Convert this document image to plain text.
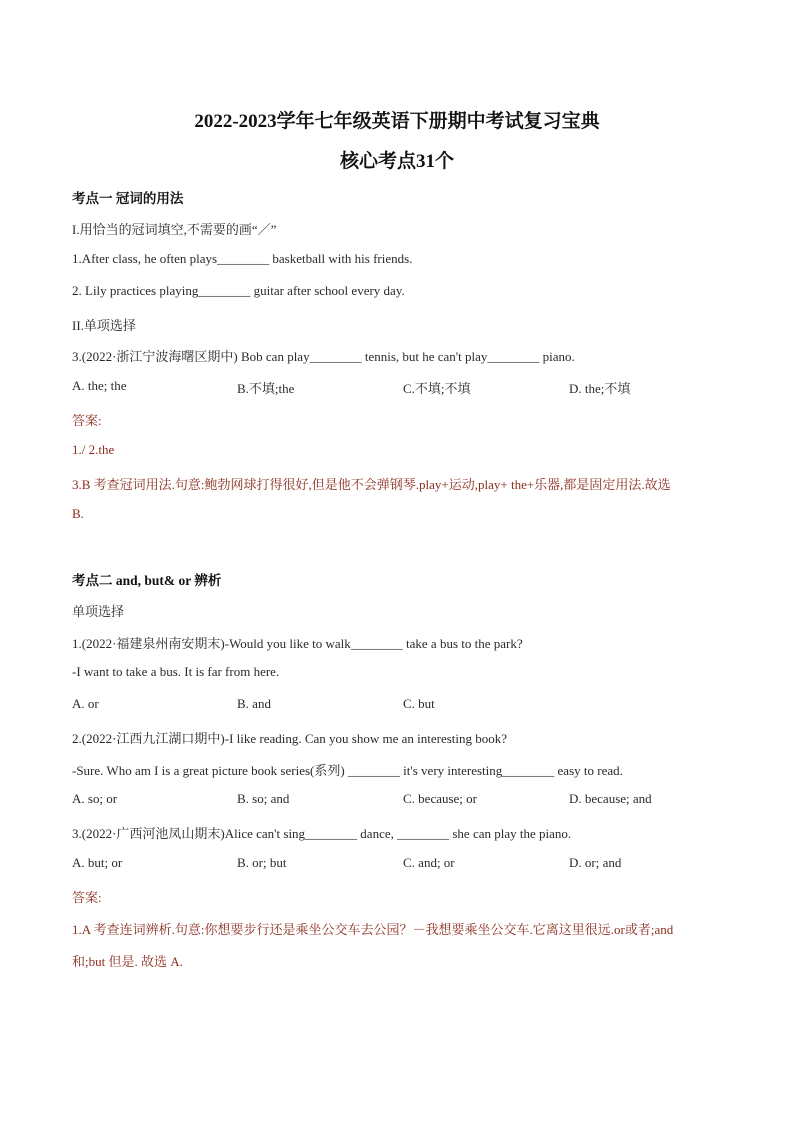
2022-2023学年七年级英语下册期中考试复习宝典
核心考点31个
考点一 冠词的用法
I.用恰当的冠词填空,不需要的画“／”
1.After class, he often plays________ basketball with his friends.
2. Lily practices playing________ guitar after school every day.
II.单项选择
3.(2022·浙江宁波海曙区期中) Bob can play________ tennis, but he can't play________ piano.
A. the; the	B.不填;the	C.不填;不填	D. the;不填
答案:
1./ 2.the
3.B 考查冠词用法.句意:鲍勃网球打得很好,但是他不会弹钢琴.play+运动,play+ the+乐器,都是固定用法.故选
B.
考点二 and, but& or 辨析
单项选择
1.(2022·福建泉州南安期末)-Would you like to walk________ take a bus to the park?
-I want to take a bus. It is far from here.
A. or	B. and	C. but
2.(2022·江西九江湖口期中)-I like reading. Can you show me an interesting book?
-Sure. Who am I is a great picture book series(系列) ________ it's very interesting________ easy to read.
A. so; or	B. so; and	C. because; or	D. because; and
3.(2022·广西河池凤山期末)Alice can't sing________ dance, ________ she can play the piano.
A. but; or	B. or; but	C. and; or	D. or; and
答案:
1.A 考查连词辨析.句意:你想要步行还是乘坐公交车去公园？－我想要乘坐公交车.它离这里很远.or或者;and
和;but 但是. 故选 A.
